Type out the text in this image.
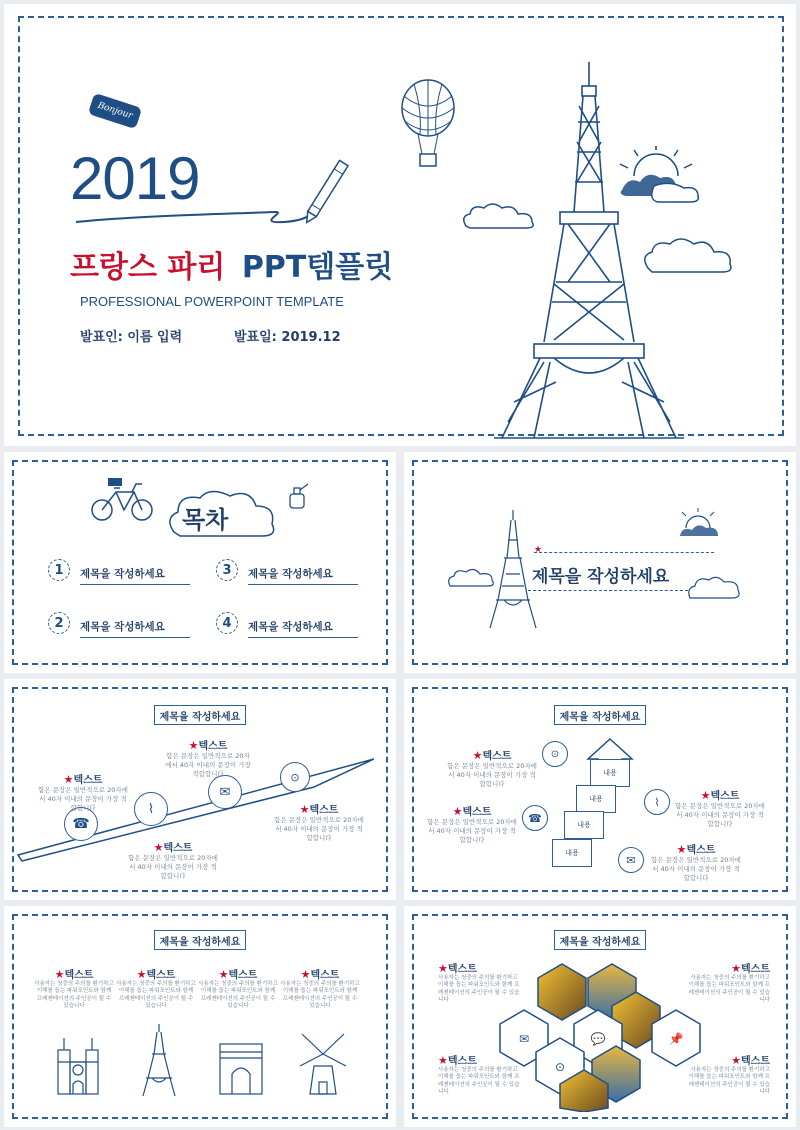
Bonjour
2019
프랑스 파리 PPT템플릿
PROFESSIONAL POWERPOINT TEMPLATE
발표인: 이름 입력	발표일: 2019.12
목차
1	제목을 작성하세요	3	제목을 작성하세요
2	제목을 작성하세요	4	제목을 작성하세요
★
제목을 작성하세요
제목을 작성하세요
☎
⌇
✉
⊙
★텍스트
함은 문장은 일반적으로 20자에서 40자 이내의 문장이 가장 적합합니다
★텍스트
함은 문장은 일반적으로 20자에서 40자 이내의 문장이 가장 적합합니다
★텍스트
함은 문장은 일반적으로 20자에서 40자 이내의 문장이 가장 적합합니다
★텍스트
함은 문장은 일반적으로 20자에서 40자 이내의 문장이 가장 적합합니다
제목을 작성하세요
내용
내용
내용
내용
⊙
☎
⌇
✉
★텍스트
함은 문장은 일반적으로 20자에서 40자 이내의 문장이 가장 적합합니다
★텍스트
함은 문장은 일반적으로 20자에서 40자 이내의 문장이 가장 적합합니다
★텍스트
함은 문장은 일반적으로 20자에서 40자 이내의 문장이 가장 적합합니다
★텍스트
함은 문장은 일반적으로 20자에서 40자 이내의 문장이 가장 적합합니다
제목을 작성하세요
★텍스트
사용자는 청중의 주의를 환기하고 이해를 돕는 파워포인트와 함께 프레젠테이션의 주인공이 될 수 있습니다
★텍스트
사용자는 청중의 주의를 환기하고 이해를 돕는 파워포인트와 함께 프레젠테이션의 주인공이 될 수 있습니다
★텍스트
사용자는 청중의 주의를 환기하고 이해를 돕는 파워포인트와 함께 프레젠테이션의 주인공이 될 수 있습니다
★텍스트
사용자는 청중의 주의를 환기하고 이해를 돕는 파워포인트와 함께 프레젠테이션의 주인공이 될 수 있습니다
제목을 작성하세요
★텍스트
사용자는 청중의 주의를 환기하고 이해를 돕는 파워포인트와 함께 프레젠테이션의 주인공이 될 수 있습니다
★텍스트
사용자는 청중의 주의를 환기하고 이해를 돕는 파워포인트와 함께 프레젠테이션의 주인공이 될 수 있습니다
★텍스트
사용자는 청중의 주의를 환기하고 이해를 돕는 파워포인트와 함께 프레젠테이션의 주인공이 될 수 있습니다
★텍스트
사용자는 청중의 주의를 환기하고 이해를 돕는 파워포인트와 함께 프레젠테이션의 주인공이 될 수 있습니다
✉	💬	📌
⊙
